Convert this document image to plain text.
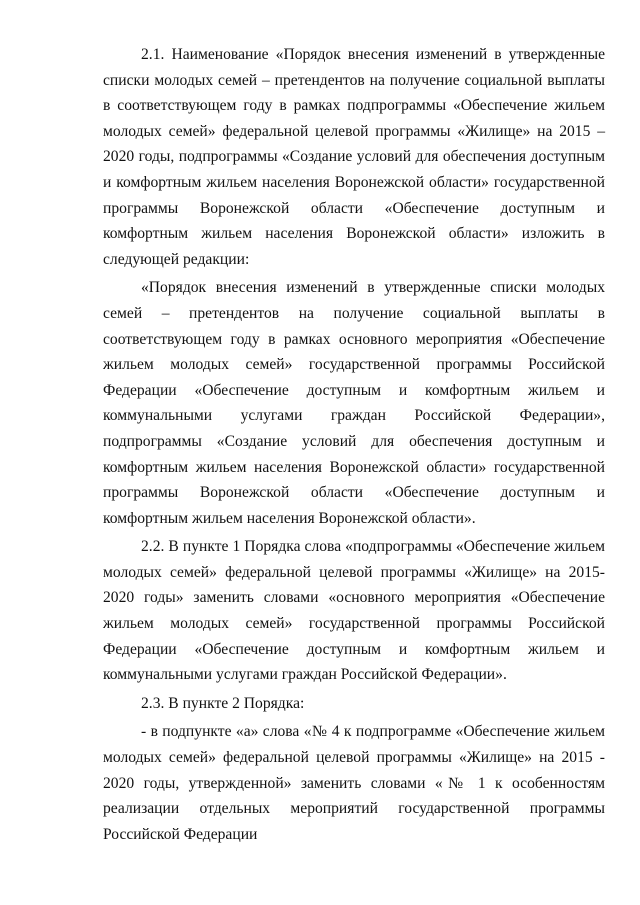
2.1. Наименование «Порядок внесения изменений в утвержденные списки молодых семей – претендентов на получение социальной выплаты в соответствующем году в рамках подпрограммы «Обеспечение жильем молодых семей» федеральной целевой программы «Жилище» на 2015 – 2020 годы, подпрограммы «Создание условий для обеспечения доступным и комфортным жильем населения Воронежской области» государственной программы Воронежской области «Обеспечение доступным и комфортным жильем населения Воронежской области» изложить в следующей редакции:

«Порядок внесения изменений в утвержденные списки молодых семей – претендентов на получение социальной выплаты в соответствующем году в рамках основного мероприятия «Обеспечение жильем молодых семей» государственной программы Российской Федерации «Обеспечение доступным и комфортным жильем и коммунальными услугами граждан Российской Федерации», подпрограммы «Создание условий для обеспечения доступным и комфортным жильем населения Воронежской области» государственной программы Воронежской области «Обеспечение доступным и комфортным жильем населения Воронежской области».

2.2. В пункте 1 Порядка слова «подпрограммы «Обеспечение жильем молодых семей» федеральной целевой программы «Жилище» на 2015-2020 годы» заменить словами «основного мероприятия «Обеспечение жильем молодых семей» государственной программы Российской Федерации «Обеспечение доступным и комфортным жильем и коммунальными услугами граждан Российской Федерации».

2.3. В пункте 2 Порядка:

- в подпункте «а» слова «№ 4 к подпрограмме «Обеспечение жильем молодых семей» федеральной целевой программы «Жилище» на 2015 - 2020 годы, утвержденной» заменить словами «№ 1 к особенностям реализации отдельных мероприятий государственной программы Российской Федерации
